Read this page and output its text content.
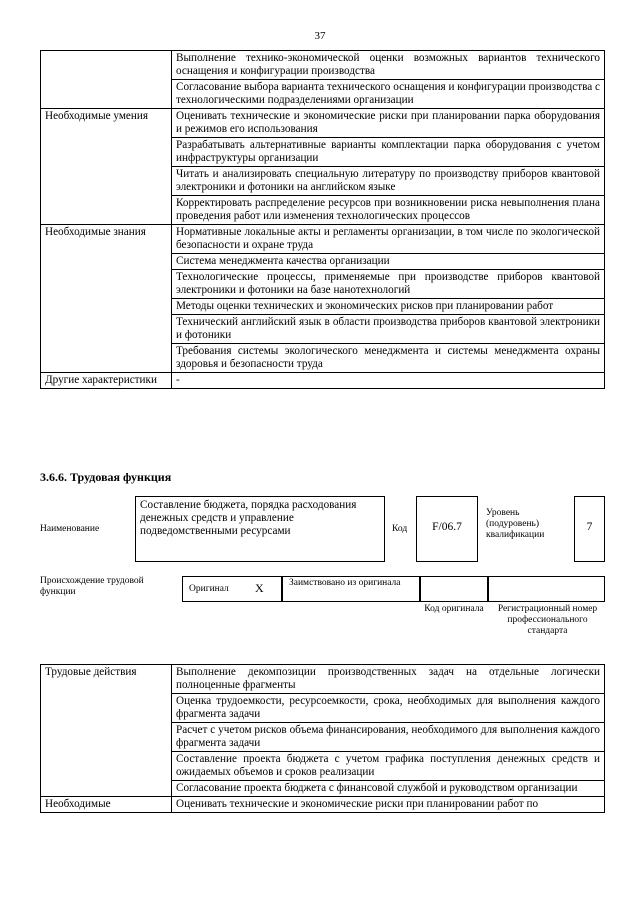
37
	Выполнение технико-экономической оценки возможных вариантов технического оснащения и конфигурации производства
	Согласование выбора варианта технического оснащения и конфигурации производства с технологическими подразделениями организации
Необходимые умения	Оценивать технические и экономические риски при планировании парка оборудования и режимов его использования
	Разрабатывать альтернативные варианты комплектации парка оборудования с учетом инфраструктуры организации
	Читать и анализировать специальную литературу по производству приборов квантовой электроники и фотоники на английском языке
	Корректировать распределение ресурсов при возникновении риска невыполнения плана проведения работ или изменения технологических процессов
Необходимые знания	Нормативные локальные акты и регламенты организации, в том числе по экологической безопасности и охране труда
	Система менеджмента качества организации
	Технологические процессы, применяемые при производстве приборов квантовой электроники и фотоники на базе нанотехнологий
	Методы оценки технических и экономических рисков при планировании работ
	Технический английский язык в области производства приборов квантовой электроники и фотоники
	Требования системы экологического менеджмента и системы менеджмента охраны здоровья и безопасности труда
Другие характеристики	-
3.6.6. Трудовая функция
Наименование
Составление бюджета, порядка расходования денежных средств и управление подведомственными ресурсами	Код	F/06.7
Уровень (подуровень) квалификации
7
Происхождение трудовой функции	Оригинал X	Заимствовано из оригинала
Код оригинала	Регистрационный номер профессионального стандарта
Трудовые действия	Выполнение декомпозиции производственных задач на отдельные логически полноценные фрагменты
	Оценка трудоемкости, ресурсоемкости, срока, необходимых для выполнения каждого фрагмента задачи
	Расчет с учетом рисков объема финансирования, необходимого для выполнения каждого фрагмента задачи
	Составление проекта бюджета с учетом графика поступления денежных средств и ожидаемых объемов и сроков реализации
	Согласование проекта бюджета с финансовой службой и руководством организации
Необходимые	Оценивать технические и экономические риски при планировании работ по
